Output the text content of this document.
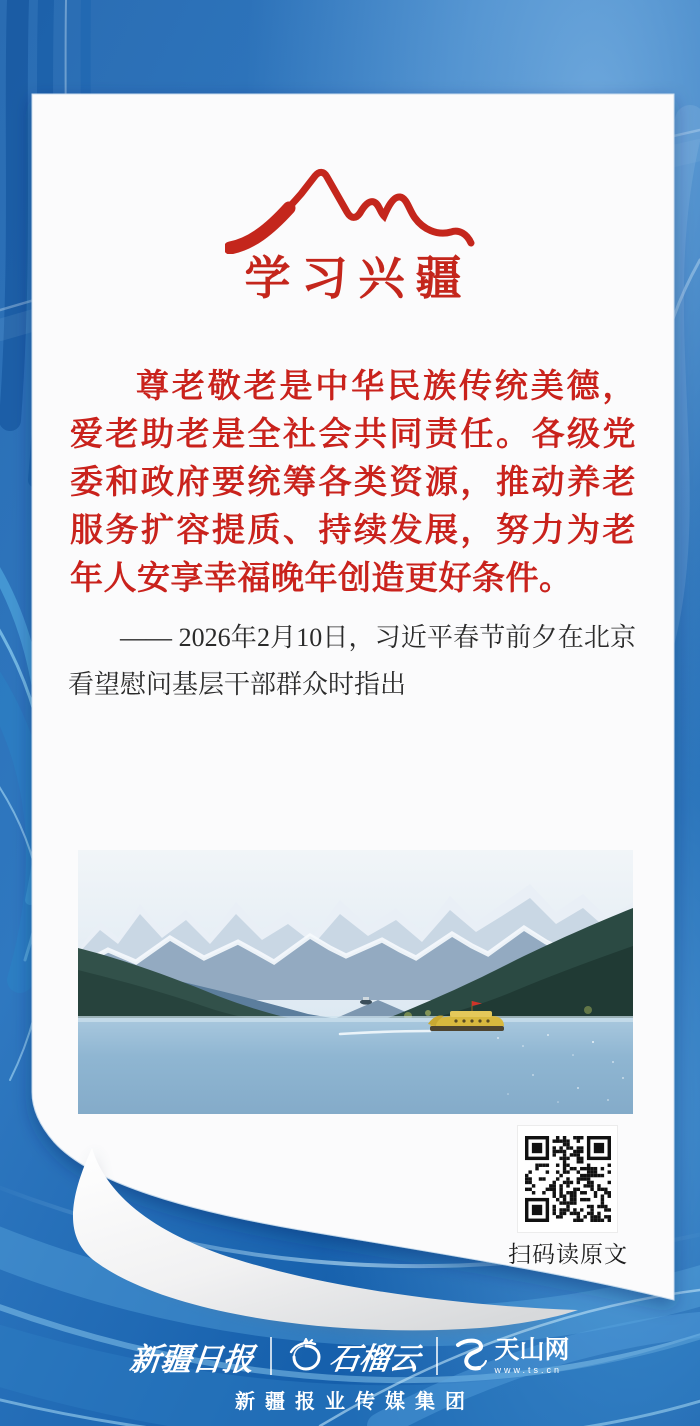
学习兴疆

尊老敬老是中华民族传统美德，爱老助老是全社会共同责任。各级党委和政府要统筹各类资源，推动养老服务扩容提质、持续发展，努力为老年人安享幸福晚年创造更好条件。

—— 2026年2月10日，习近平春节前夕在北京看望慰问基层干部群众时指出

扫码读原文
新疆日报 石榴云	天山网
www.ts.cn
新疆报业传媒集团
